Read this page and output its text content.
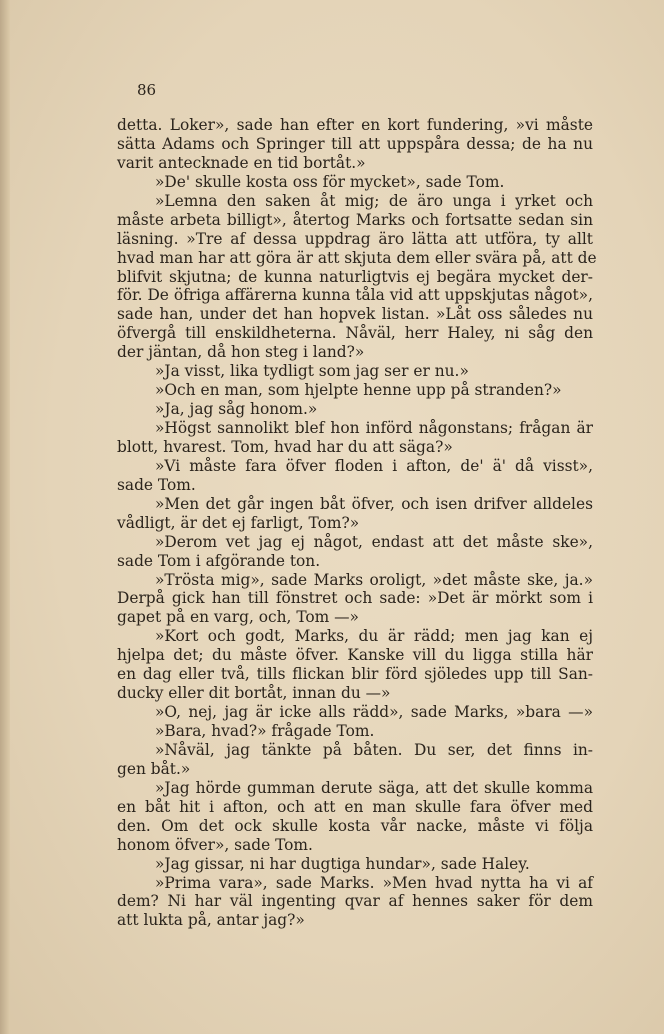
86
detta. Loker», sade han efter en kort fundering, »vi måste
sätta Adams och Springer till att uppspåra dessa; de ha nu
varit antecknade en tid bortåt.»
»De' skulle kosta oss för mycket», sade Tom.
»Lemna den saken åt mig; de äro unga i yrket och
måste arbeta billigt», återtog Marks och fortsatte sedan sin
läsning. »Tre af dessa uppdrag äro lätta att utföra, ty allt
hvad man har att göra är att skjuta dem eller svära på, att de
blifvit skjutna; de kunna naturligtvis ej begära mycket der-
för. De öfriga affärerna kunna tåla vid att uppskjutas något»,
sade han, under det han hopvek listan. »Låt oss således nu
öfvergå till enskildheterna. Nåväl, herr Haley, ni såg den
der jäntan, då hon steg i land?»
»Ja visst, lika tydligt som jag ser er nu.»
»Och en man, som hjelpte henne upp på stranden?»
»Ja, jag såg honom.»
»Högst sannolikt blef hon införd någonstans; frågan är
blott, hvarest. Tom, hvad har du att säga?»
»Vi måste fara öfver floden i afton, de' ä' då visst»,
sade Tom.
»Men det går ingen båt öfver, och isen drifver alldeles
vådligt, är det ej farligt, Tom?»
»Derom vet jag ej något, endast att det måste ske»,
sade Tom i afgörande ton.
»Trösta mig», sade Marks oroligt, »det måste ske, ja.»
Derpå gick han till fönstret och sade: »Det är mörkt som i
gapet på en varg, och, Tom —»
»Kort och godt, Marks, du är rädd; men jag kan ej
hjelpa det; du måste öfver. Kanske vill du ligga stilla här
en dag eller två, tills flickan blir förd sjöledes upp till San-
ducky eller dit bortåt, innan du —»
»O, nej, jag är icke alls rädd», sade Marks, »bara —»
»Bara, hvad?» frågade Tom.
»Nåväl, jag tänkte på båten. Du ser, det finns in-
gen båt.»
»Jag hörde gumman derute säga, att det skulle komma
en båt hit i afton, och att en man skulle fara öfver med
den. Om det ock skulle kosta vår nacke, måste vi följa
honom öfver», sade Tom.
»Jag gissar, ni har dugtiga hundar», sade Haley.
»Prima vara», sade Marks. »Men hvad nytta ha vi af
dem? Ni har väl ingenting qvar af hennes saker för dem
att lukta på, antar jag?»
